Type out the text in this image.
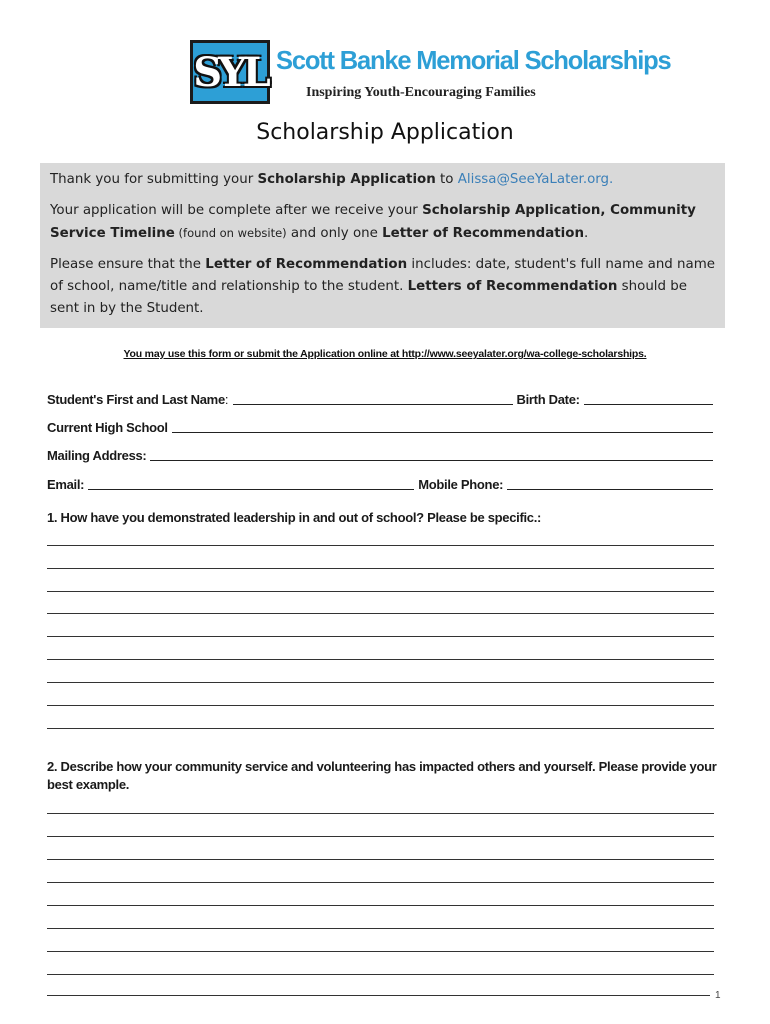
SYL Scott Banke Memorial Scholarships
Inspiring Youth-Encouraging Families
Scholarship Application

Thank you for submitting your Scholarship Application to Alissa@SeeYaLater.org.

Your application will be complete after we receive your Scholarship Application, Community Service Timeline (found on website) and only one Letter of Recommendation.

Please ensure that the Letter of Recommendation includes: date, student's full name and name of school, name/title and relationship to the student. Letters of Recommendation should be sent in by the Student.

You may use this form or submit the Application online at http://www.seeyalater.org/wa-college-scholarships.
Student's First and Last Name :	Birth Date:
Current High School
Mailing Address:
Email:	Mobile Phone:
1. How have you demonstrated leadership in and out of school? Please be specific.:
2. Describe how your community service and volunteering has impacted others and yourself. Please provide your best example.
1
